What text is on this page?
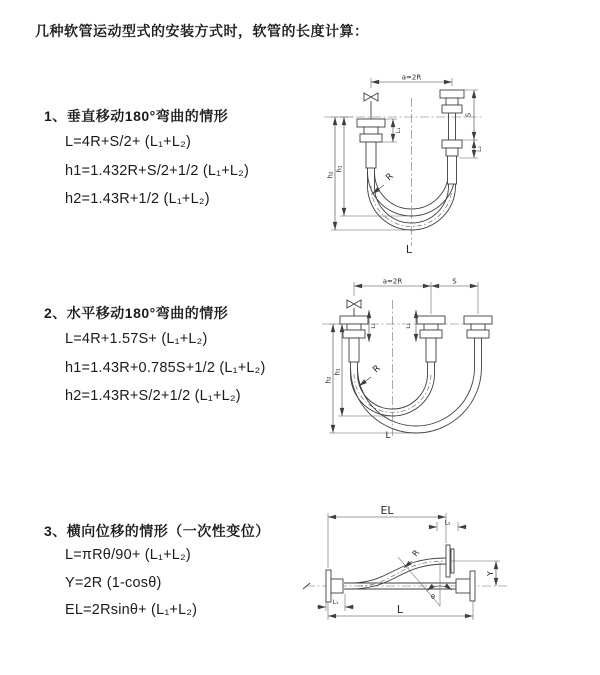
几种软管运动型式的安装方式时，软管的长度计算：
1、垂直移动180°弯曲的情形
L=4R+S/2+ (L₁+L₂)
h1=1.432R+S/2+1/2 (L₁+L₂)
h2=1.43R+1/2 (L₁+L₂)
2、水平移动180°弯曲的情形
L=4R+1.57S+ (L₁+L₂)
h1=1.43R+0.785S+1/2 (L₁+L₂)
h2=1.43R+S/2+1/2 (L₁+L₂)
3、横向位移的情形（一次性变位）
L=πRθ/90+ (L₁+L₂)
Y=2R (1-cosθ)
EL=2Rsinθ+ (L₁+L₂)
a=2R
S
L₂
L₁
h₁
h₂	R
L
a=2R	S
L₁	L₂
h₁
h₂
R
L
θ
EL
L₂
Y
L₁
L
R
